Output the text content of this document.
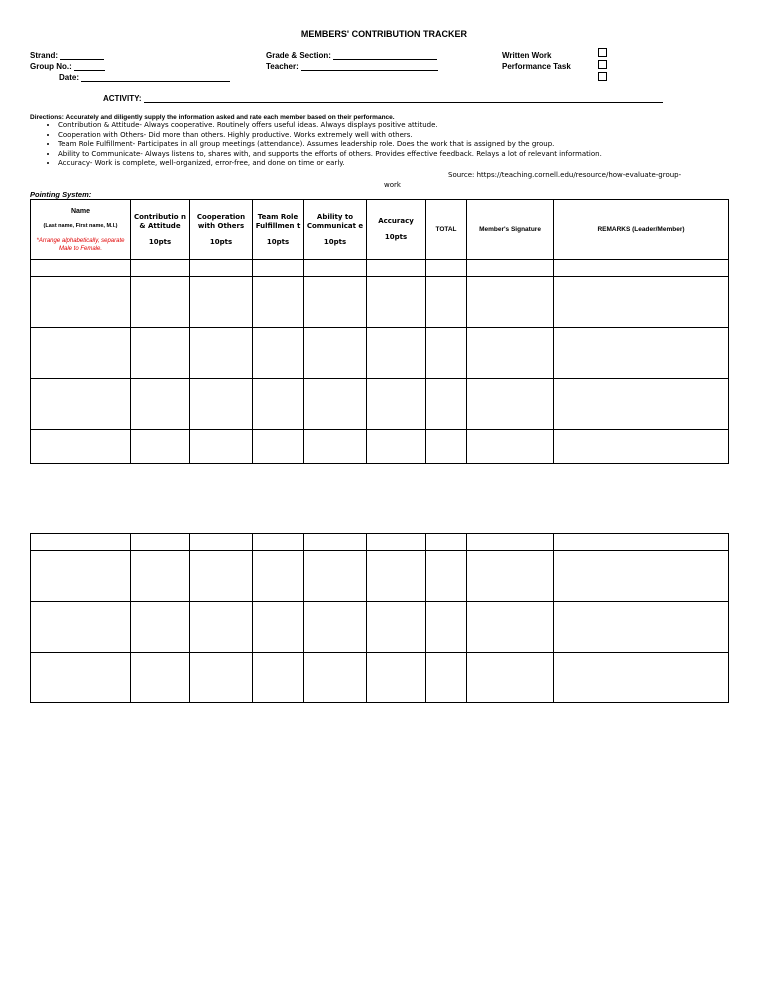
MEMBERS' CONTRIBUTION TRACKER
Strand:
Group No.:
Date:
Grade & Section:
Teacher:
Written Work
Performance Task
ACTIVITY:
Directions: Accurately and diligently supply the information asked and rate each member based on their performance.
• Contribution & Attitude- Always cooperative. Routinely offers useful ideas. Always displays positive attitude.
• Cooperation with Others- Did more than others. Highly productive. Works extremely well with others.
• Team Role Fulfillment- Participates in all group meetings (attendance). Assumes leadership role. Does the work that is assigned by the group.
• Ability to Communicate- Always listens to, shares with, and supports the efforts of others. Provides effective feedback. Relays a lot of relevant information.
• Accuracy- Work is complete, well-organized, error-free, and done on time or early.
Source: https://teaching.cornell.edu/resource/how-evaluate-group-
work
Pointing System:
Name
(Last name, First name, M.I.)
*Arrange alphabetically, separate Male to Female.	Contributio n & Attitude
10pts	Cooperation with Others
10pts	Team Role Fulfillmen t
10pts	Ability to Communicat e
10pts	Accuracy
10pts	TOTAL	Member's Signature	REMARKS (Leader/Member)
